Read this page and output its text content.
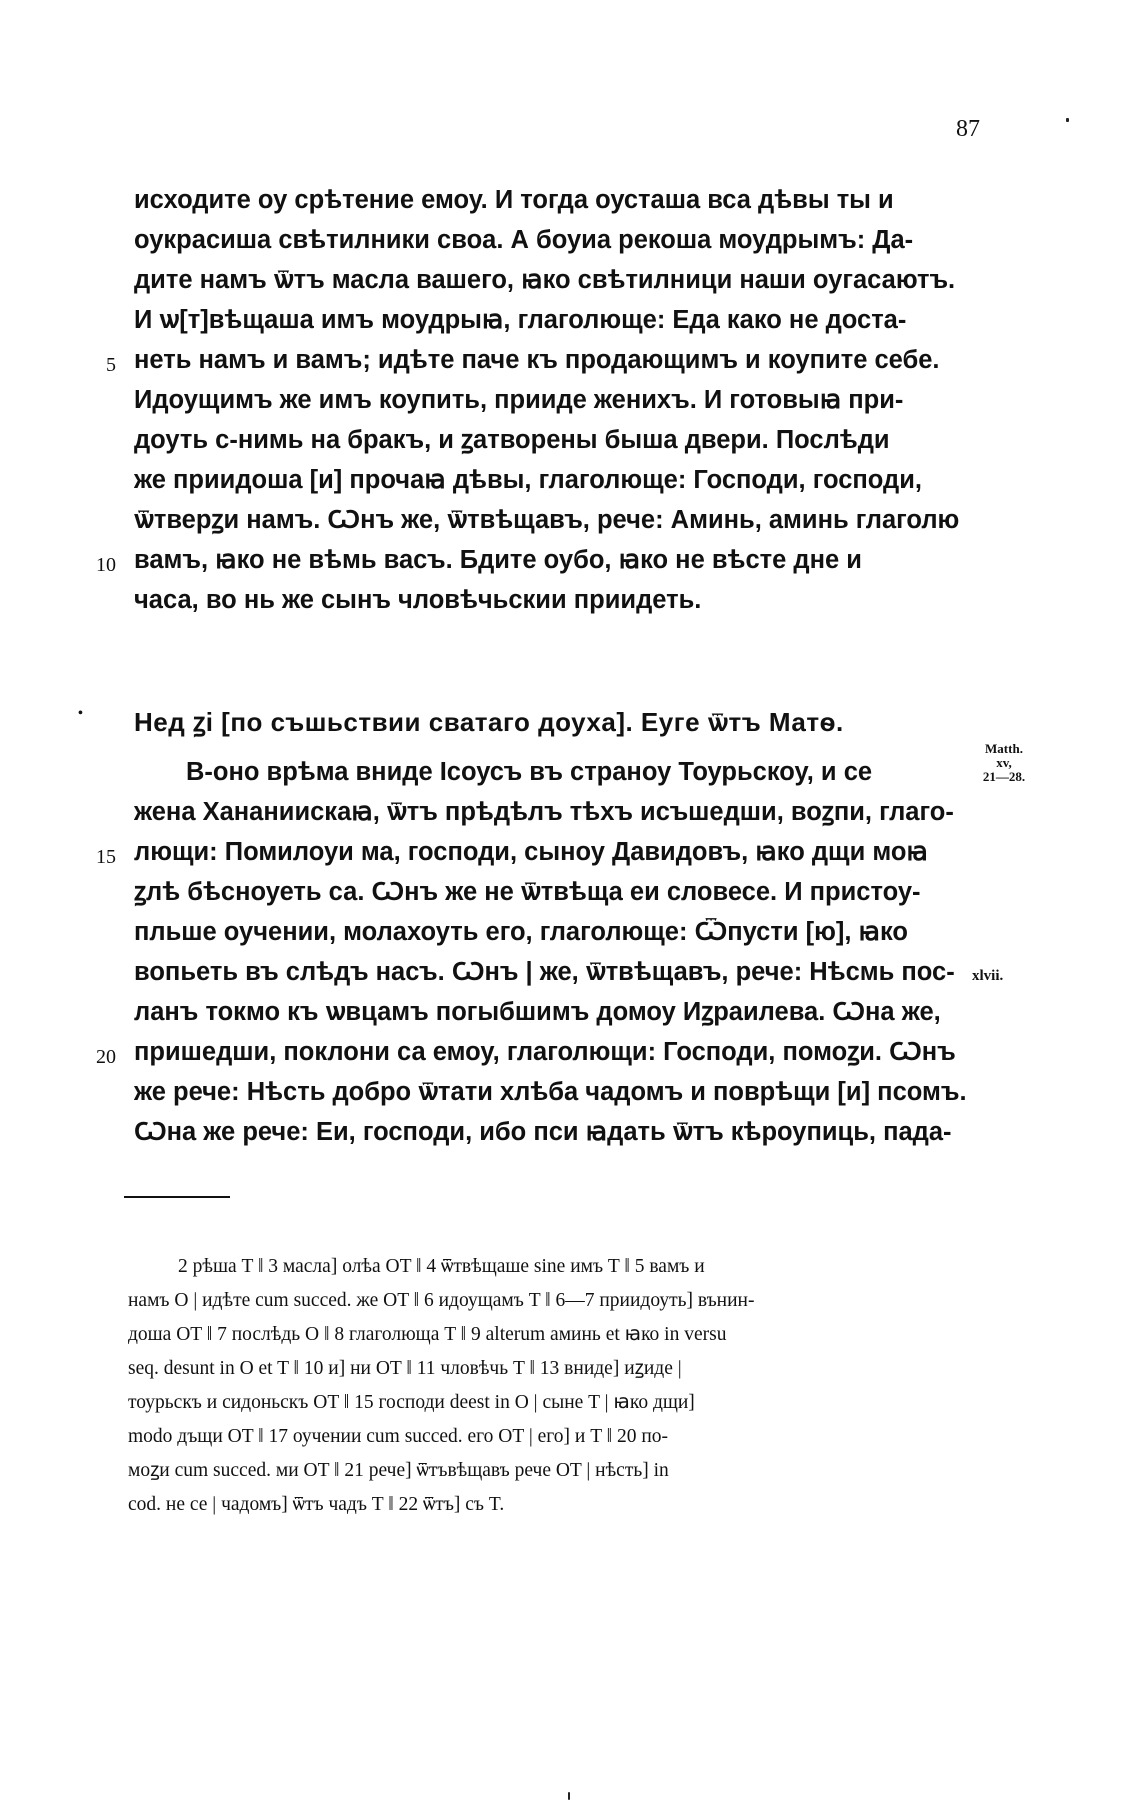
87
5
10
исходите оу срѣтение емоу. И тогда оусташа вса дѣвы ты и
оукрасиша свѣтилники своа. А боуиа рекоша моудрымъ: Да-
дите намъ ѿтъ масла вашего, ꙗко свѣтилници наши оугасаютъ.
И ѡ[т]вѣщаша имъ моудрыꙗ, глаголюще: Еда како не доста-
неть намъ и вамъ; идѣте паче къ продающимъ и коупите себе.
Идоущимъ же имъ коупить, прииде женихъ. И готовыꙗ при-
доуть с-нимь на бракъ, и ꙁатворены быша двери. Послѣди
же приидоша [и] прочаꙗ дѣвы, глаголюще: Господи, господи,
ѿтверꙁи намъ. Ѡнъ же, ѿтвѣщавъ, рече: Аминь, аминь глаголю
вамъ, ꙗко не вѣмь васъ. Бдите оубо, ꙗко не вѣсте дне и
часа, во нь же сынъ чловѣчьскии приидеть.
• Нед ꙁі [по съшьствии сватаго доуха]. Еуге ѿтъ Матѳ.
Matth.
xv,
21—28.
xlvii.
15
20
В-оно врѣма вниде Ісоусъ въ страноу Тоурьскоу, и се
жена Хананиискаꙗ, ѿтъ прѣдѣлъ тѣхъ исъшедши, воꙁпи, глаго-
лющи: Помилоуи ма, господи, сыноу Давидовъ, ꙗко дщи моꙗ
ꙁлѣ бѣсноуеть са. Ѡнъ же не ѿтвѣща еи словесе. И пристоу-
пльше оучении, молахоуть его, глаголюще: Ѿпусти [ю], ꙗко
вопьеть въ слѣдъ насъ. Ѡнъ | же, ѿтвѣщавъ, рече: Нѣсмь пос-
ланъ токмо къ ѡвцамъ погыбшимъ домоу Иꙁраилева. Ѡна же,
пришедши, поклони са емоу, глаголющи: Господи, помоꙁи. Ѡнъ
же рече: Нѣсть добро ѿтати хлѣба чадомъ и поврѣщи [и] псомъ.
Ѡна же рече: Еи, господи, ибо пси ꙗдать ѿтъ кѣроупиць, пада-
2 рѣша T ‖ 3 масла] олѣа OT ‖ 4 ѿтвѣщаше sine имъ T ‖ 5 вамъ и
намъ O | идѣте cum succed. же OT ‖ 6 идоущамъ T ‖ 6—7 приидоуть] вънин-
доша OT ‖ 7 послѣдь O ‖ 8 глаголюща T ‖ 9 alterum аминь et ꙗко in versu
seq. desunt in O et T ‖ 10 и] ни OT ‖ 11 чловѣчь T ‖ 13 вниде] иꙁиде |
тоурьскъ и сидоньскъ OT ‖ 15 господи deest in O | сыне T | ꙗко дщи]
modo дъщи OT ‖ 17 оучении cum succed. его OT | его] и T ‖ 20 по-
моꙁи cum succed. ми OT ‖ 21 рече] ѿтъвѣщавъ рече OT | нѣсть] in
cod. не се | чадомъ] ѿтъ чадъ T ‖ 22 ѿтъ] съ T.
